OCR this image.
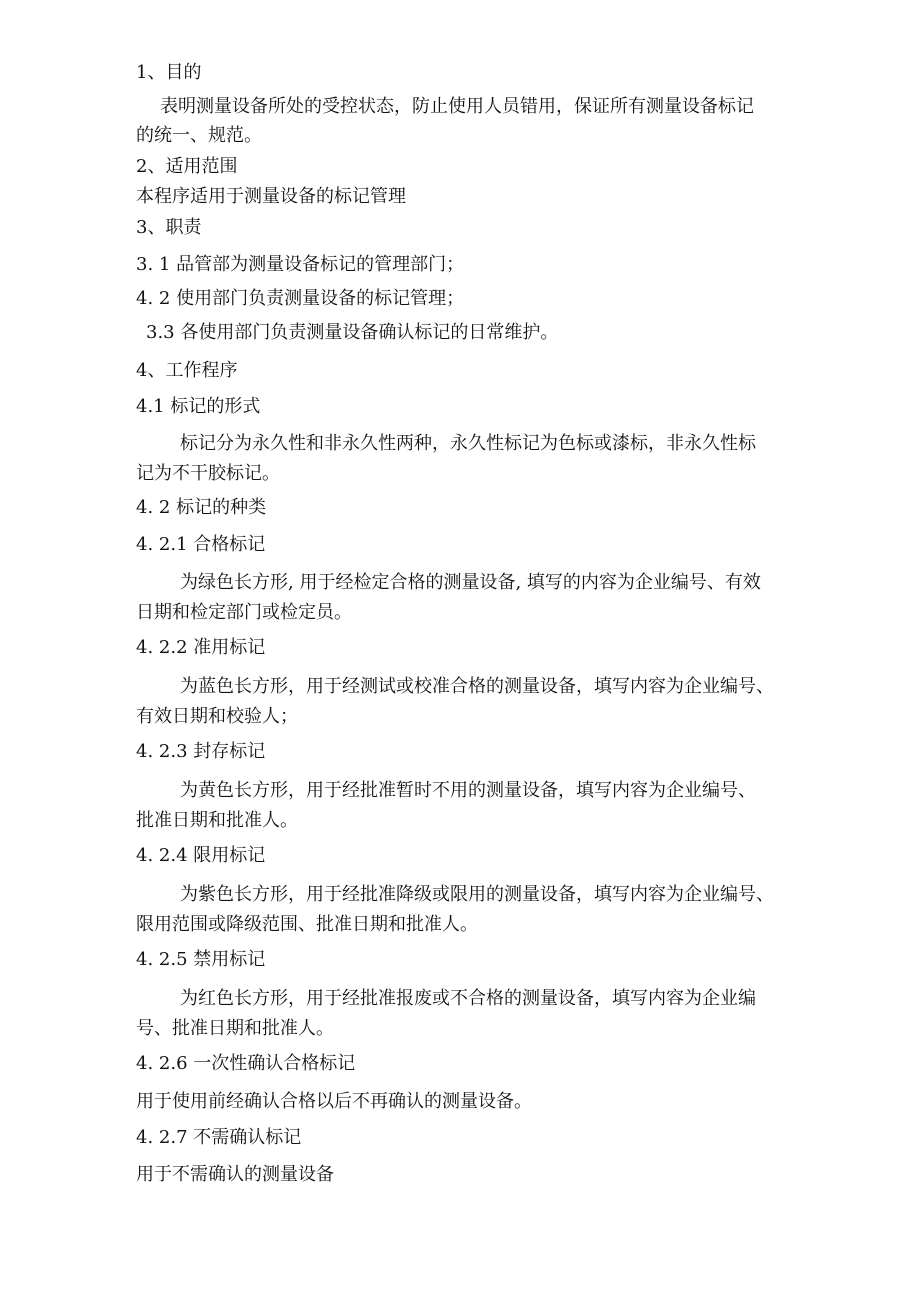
1、目的
表明测量设备所处的受控状态，防止使用人员错用，保证所有测量设备标记
的统一、规范。
2、适用范围
本程序适用于测量设备的标记管理
3、职责
3. 1 品管部为测量设备标记的管理部门；
4. 2 使用部门负责测量设备的标记管理；
3.3 各使用部门负责测量设备确认标记的日常维护。
4、工作程序
4.1 标记的形式
标记分为永久性和非永久性两种，永久性标记为色标或漆标，非永久性标
记为不干胶标记。
4. 2 标记的种类
4. 2.1 合格标记
为绿色长方形, 用于经检定合格的测量设备, 填写的内容为企业编号、有效
日期和检定部门或检定员。
4. 2.2 准用标记
为蓝色长方形，用于经测试或校准合格的测量设备，填写内容为企业编号、
有效日期和校验人；
4. 2.3 封存标记
为黄色长方形，用于经批准暂时不用的测量设备，填写内容为企业编号、
批准日期和批准人。
4. 2.4 限用标记
为紫色长方形，用于经批准降级或限用的测量设备，填写内容为企业编号、
限用范围或降级范围、批准日期和批准人。
4. 2.5 禁用标记
为红色长方形，用于经批准报废或不合格的测量设备，填写内容为企业编
号、批准日期和批准人。
4. 2.6 一次性确认合格标记
用于使用前经确认合格以后不再确认的测量设备。
4. 2.7 不需确认标记
用于不需确认的测量设备
